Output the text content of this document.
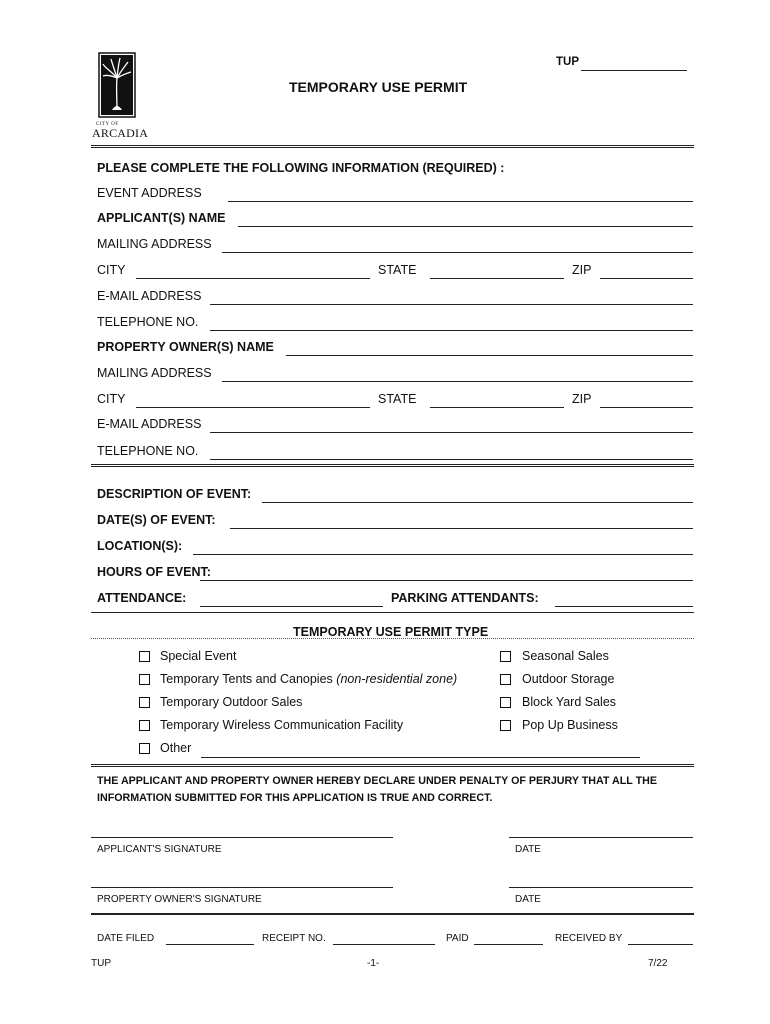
TUP
CITY OF
ARCADIA
TEMPORARY USE PERMIT
PLEASE COMPLETE THE FOLLOWING INFORMATION (REQUIRED) :
EVENT ADDRESS
APPLICANT(S) NAME
MAILING ADDRESS
CITY	STATE	ZIP
E-MAIL ADDRESS
TELEPHONE NO.
PROPERTY OWNER(S) NAME
MAILING ADDRESS
CITY	STATE	ZIP
E-MAIL ADDRESS
TELEPHONE NO.
DESCRIPTION OF EVENT:
DATE(S) OF EVENT:
LOCATION(S):
HOURS OF EVENT:
ATTENDANCE:	PARKING ATTENDANTS:
TEMPORARY USE PERMIT TYPE
Special Event
Temporary Tents and Canopies (non-residential zone)
Temporary Outdoor Sales
Temporary Wireless Communication Facility
Other
Seasonal Sales
Outdoor Storage
Block Yard Sales
Pop Up Business
THE APPLICANT AND PROPERTY OWNER HEREBY DECLARE UNDER PENALTY OF PERJURY THAT ALL THE
INFORMATION SUBMITTED FOR THIS APPLICATION IS TRUE AND CORRECT.
APPLICANT'S SIGNATURE	DATE
PROPERTY OWNER'S SIGNATURE	DATE
DATE FILED	RECEIPT NO.	PAID	RECEIVED BY
TUP	-1-	7/22
